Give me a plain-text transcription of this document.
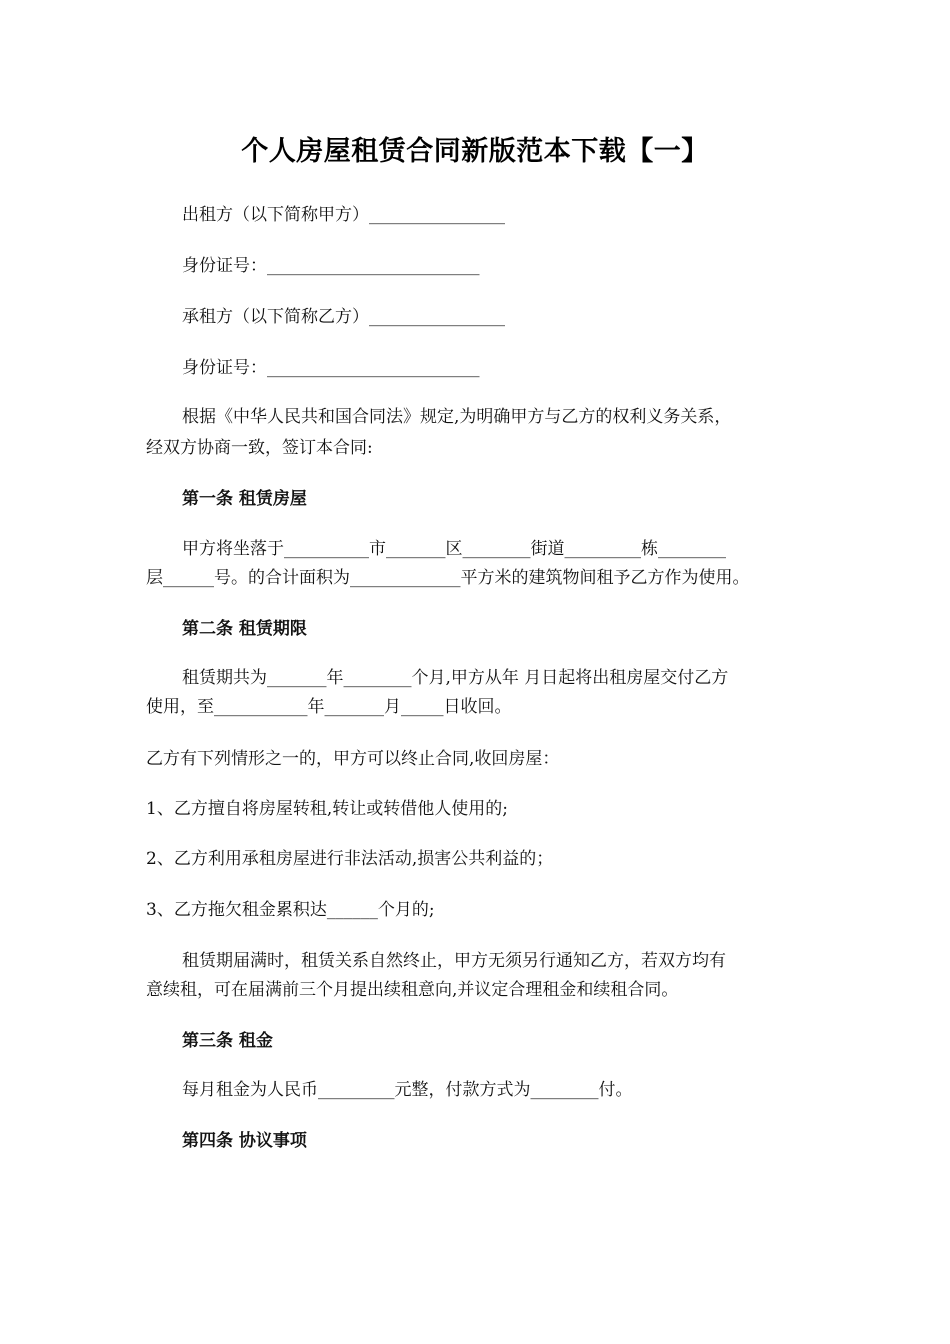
个人房屋租赁合同新版范本下载【一】
出租方（以下简称甲方）________________
身份证号：_________________________
承租方（以下简称乙方）________________
身份证号：_________________________
根据《中华人民共和国合同法》规定,为明确甲方与乙方的权利义务关系，
经双方协商一致，签订本合同:
第一条 租赁房屋
甲方将坐落于__________市_______区________街道_________栋________
层______号。的合计面积为_____________平方米的建筑物间租予乙方作为使用。
第二条 租赁期限
租赁期共为_______年________个月,甲方从年 月日起将出租房屋交付乙方
使用，至___________年_______月_____日收回。
乙方有下列情形之一的，甲方可以终止合同,收回房屋：
1、乙方擅自将房屋转租,转让或转借他人使用的;
2、乙方利用承租房屋进行非法活动,损害公共利益的；
3、乙方拖欠租金累积达______个月的;
租赁期届满时，租赁关系自然终止，甲方无须另行通知乙方，若双方均有
意续租，可在届满前三个月提出续租意向,并议定合理租金和续租合同。
第三条 租金
每月租金为人民币_________元整，付款方式为________付。
第四条 协议事项
